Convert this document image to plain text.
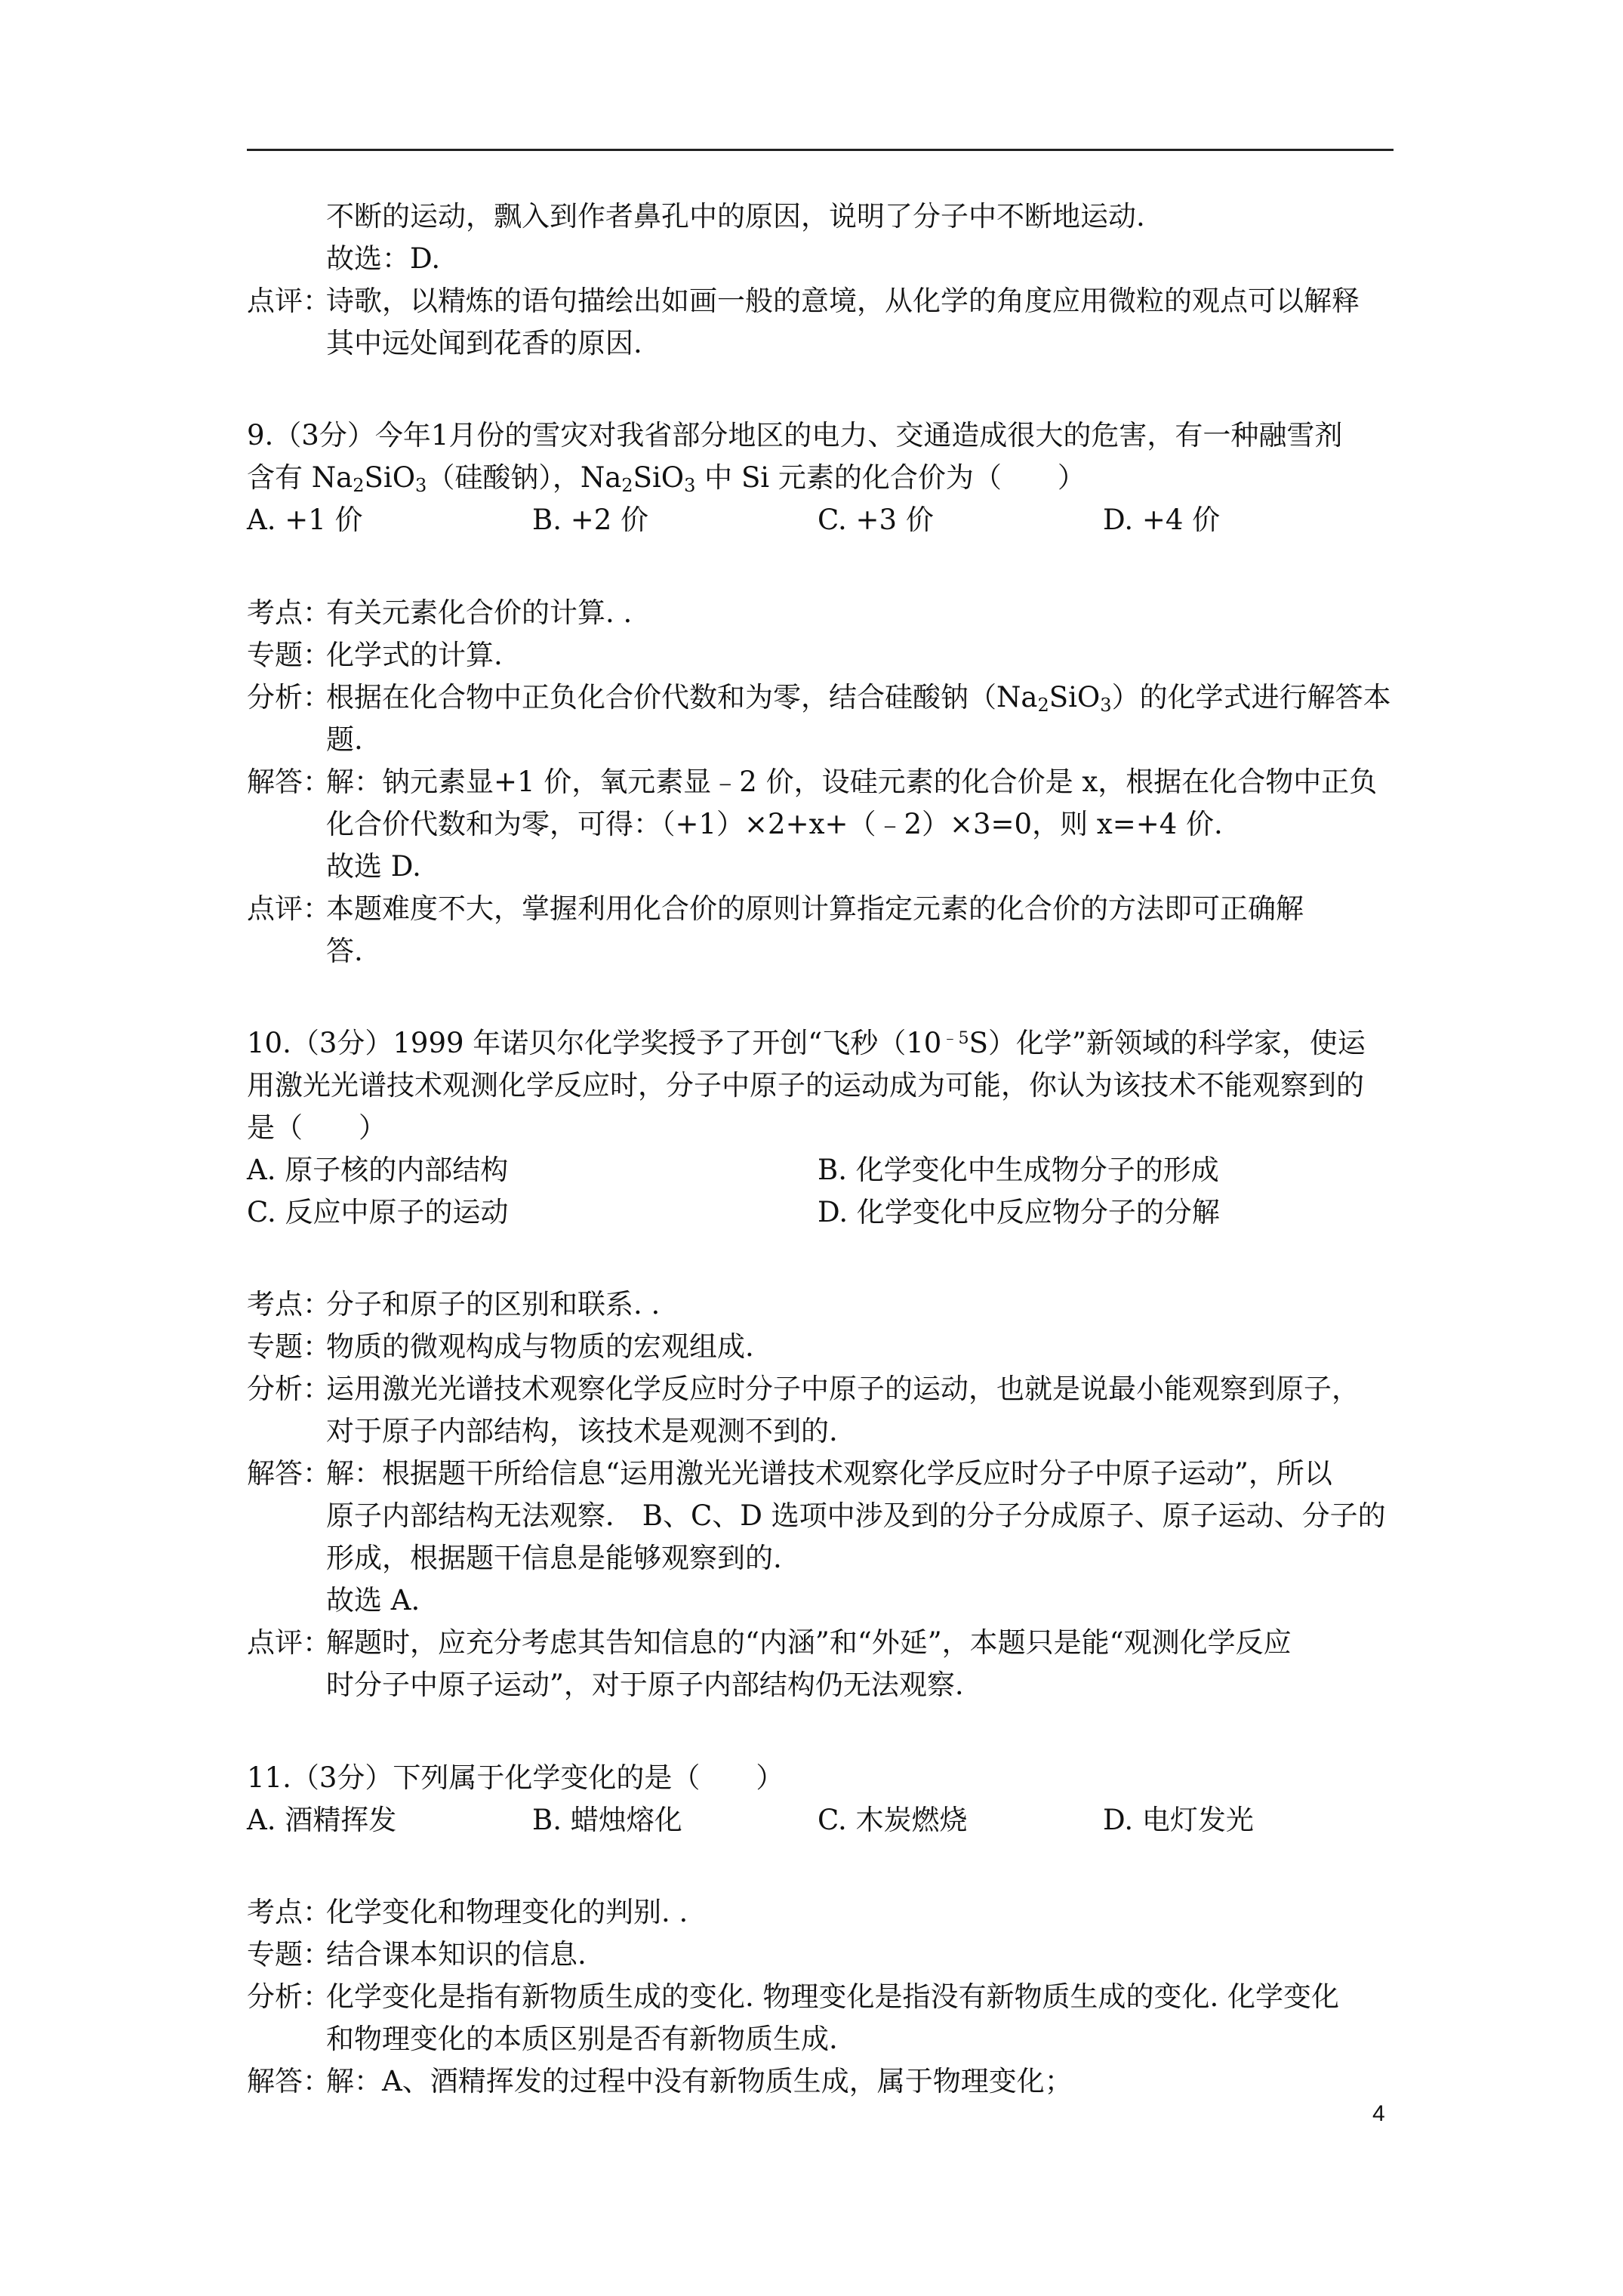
不断的运动，飘入到作者鼻孔中的原因，说明了分子中不断地运动.
故选：D.
点评：
诗歌，以精炼的语句描绘出如画一般的意境，从化学的角度应用微粒的观点可以解释
其中远处闻到花香的原因.
9.（3分）今年1月份的雪灾对我省部分地区的电力、交通造成很大的危害，有一种融雪剂
含有 $Na_2SiO_3$（硅酸钠），$Na_2SiO_3$ 中 Si 元素的化合价为（　　）
A. +1 价	B. +2 价	C. +3 价	D. +4 价
考点：
有关元素化合价的计算. .
专题：
化学式的计算.
分析：
根据在化合物中正负化合价代数和为零，结合硅酸钠$(Na_2SiO_3)$的化学式进行解答本
题.
解答：
解：钠元素显+1 价，氧元素显﹣2 价，设硅元素的化合价是 x，根据在化合物中正负
化合价代数和为零，可得：（+1）×2+x+（﹣2）×3=0，则 x=+4 价.
故选 D.
点评：
本题难度不大，掌握利用化合价的原则计算指定元素的化合价的方法即可正确解
答.
10.（3分）1999 年诺贝尔化学奖授予了开创“飞秒$(10^{﹣5}S)$化学”新领域的科学家，使运
用激光光谱技术观测化学反应时，分子中原子的运动成为可能，你认为该技术不能观察到的
是（　　）
A. 原子核的内部结构	B. 化学变化中生成物分子的形成
C. 反应中原子的运动	D. 化学变化中反应物分子的分解
考点：
分子和原子的区别和联系. .
专题：
物质的微观构成与物质的宏观组成.
分析：
运用激光光谱技术观察化学反应时分子中原子的运动，也就是说最小能观察到原子，
对于原子内部结构，该技术是观测不到的.
解答：
解：根据题干所给信息“运用激光光谱技术观察化学反应时分子中原子运动”，所以
原子内部结构无法观察． B、C、D 选项中涉及到的分子分成原子、原子运动、分子的
形成，根据题干信息是能够观察到的.
故选 A.
点评：
解题时，应充分考虑其告知信息的“内涵”和“外延”，本题只是能“观测化学反应
时分子中原子运动”，对于原子内部结构仍无法观察.
11.（3分）下列属于化学变化的是（　　）
A. 酒精挥发	B. 蜡烛熔化	C. 木炭燃烧	D. 电灯发光
考点：
化学变化和物理变化的判别. .
专题：
结合课本知识的信息.
分析：
化学变化是指有新物质生成的变化. 物理变化是指没有新物质生成的变化. 化学变化
和物理变化的本质区别是否有新物质生成.
解答：
解：A、酒精挥发的过程中没有新物质生成，属于物理变化；
4
